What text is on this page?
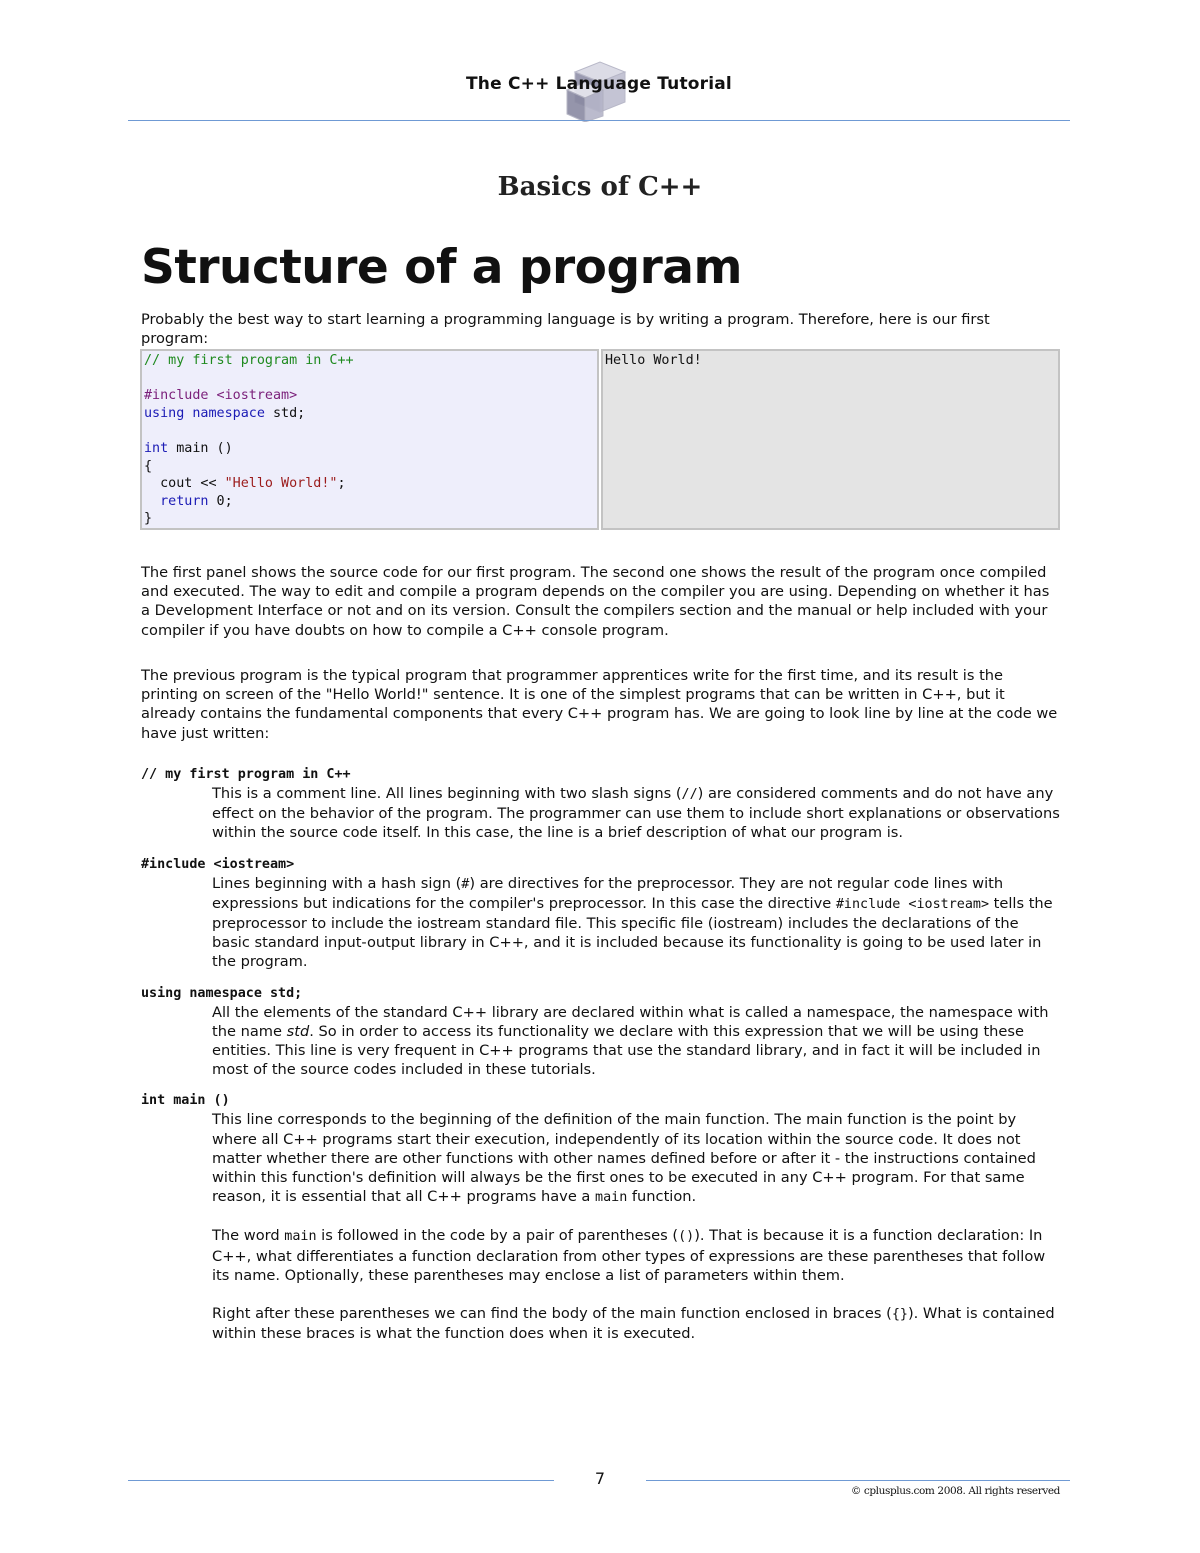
The C++ Language Tutorial
Basics of C++
Structure of a program
Probably the best way to start learning a programming language is by writing a program. Therefore, here is our first program:
// my first program in C++
#include <iostream>
using namespace std;
int main ()
{
cout << "Hello World!";
return 0;
}
Hello World!
The first panel shows the source code for our first program. The second one shows the result of the program once compiled and executed. The way to edit and compile a program depends on the compiler you are using. Depending on whether it has a Development Interface or not and on its version. Consult the compilers section and the manual or help included with your compiler if you have doubts on how to compile a C++ console program.
The previous program is the typical program that programmer apprentices write for the first time, and its result is the printing on screen of the "Hello World!" sentence. It is one of the simplest programs that can be written in C++, but it already contains the fundamental components that every C++ program has. We are going to look line by line at the code we have just written:
// my first program in C++
This is a comment line. All lines beginning with two slash signs (//) are considered comments and do not have any effect on the behavior of the program. The programmer can use them to include short explanations or observations within the source code itself. In this case, the line is a brief description of what our program is.
#include <iostream>
Lines beginning with a hash sign (#) are directives for the preprocessor. They are not regular code lines with expressions but indications for the compiler's preprocessor. In this case the directive #include <iostream> tells the preprocessor to include the iostream standard file. This specific file (iostream) includes the declarations of the basic standard input-output library in C++, and it is included because its functionality is going to be used later in the program.
using namespace std;
All the elements of the standard C++ library are declared within what is called a namespace, the namespace with the name std. So in order to access its functionality we declare with this expression that we will be using these entities. This line is very frequent in C++ programs that use the standard library, and in fact it will be included in most of the source codes included in these tutorials.
int main ()

This line corresponds to the beginning of the definition of the main function. The main function is the point by where all C++ programs start their execution, independently of its location within the source code. It does not matter whether there are other functions with other names defined before or after it - the instructions contained within this function's definition will always be the first ones to be executed in any C++ program. For that same reason, it is essential that all C++ programs have a main function.

The word main is followed in the code by a pair of parentheses (()). That is because it is a function declaration: In C++, what differentiates a function declaration from other types of expressions are these parentheses that follow its name. Optionally, these parentheses may enclose a list of parameters within them.

Right after these parentheses we can find the body of the main function enclosed in braces ({}). What is contained within these braces is what the function does when it is executed.

7
© cplusplus.com 2008. All rights reserved
